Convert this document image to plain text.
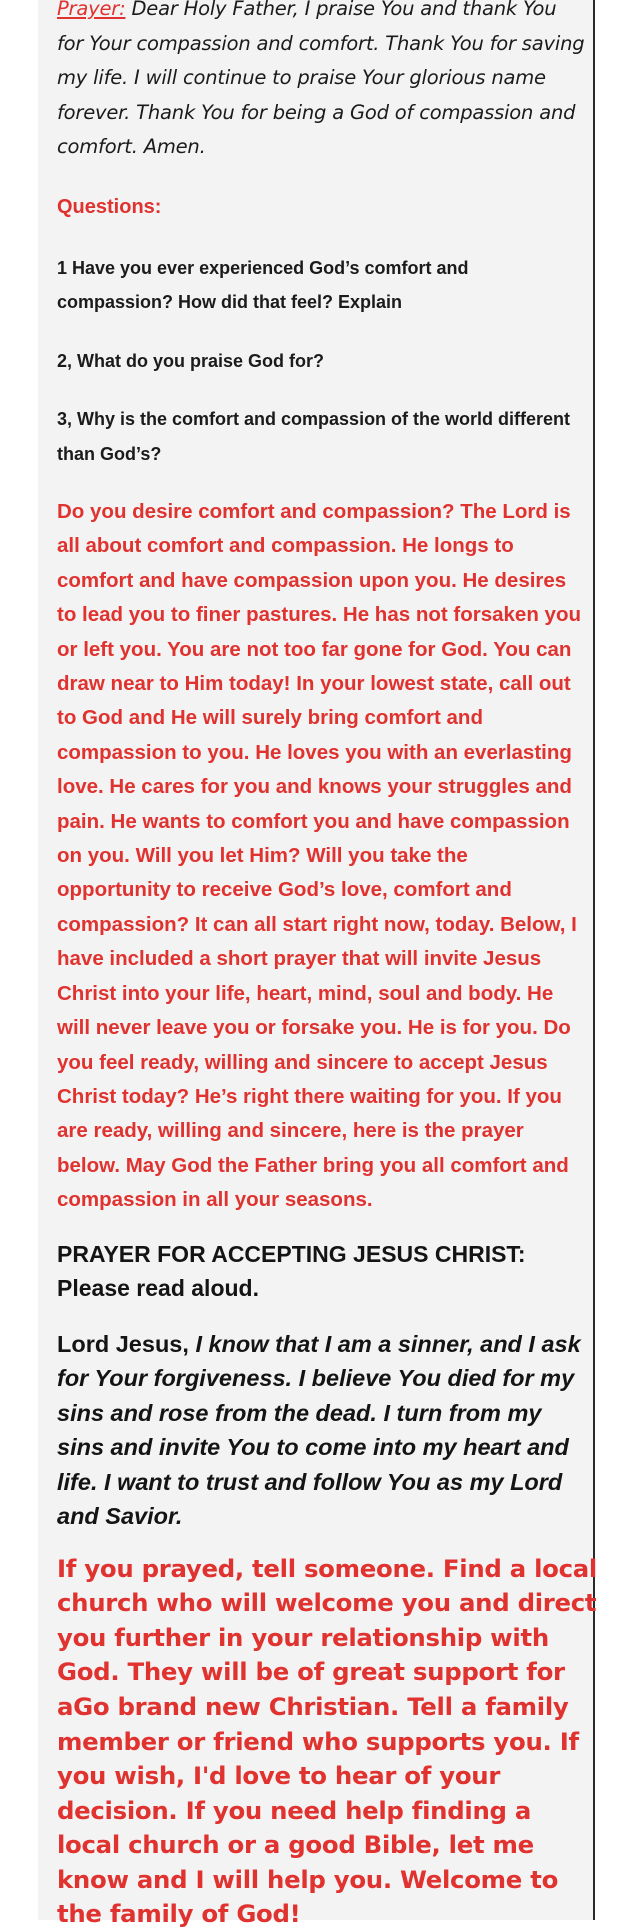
Prayer: Dear Holy Father, I praise You and thank You for Your compassion and comfort. Thank You for saving my life. I will continue to praise Your glorious name forever. Thank You for being a God of compassion and comfort. Amen.
Questions:
1 Have you ever experienced God’s comfort and compassion? How did that feel? Explain
2, What do you praise God for?
3, Why is the comfort and compassion of the world different than God’s?
Do you desire comfort and compassion? The Lord is all about comfort and compassion. He longs to comfort and have compassion upon you. He desires to lead you to finer pastures. He has not forsaken you or left you. You are not too far gone for God. You can draw near to Him today! In your lowest state, call out to God and He will surely bring comfort and compassion to you. He loves you with an everlasting love. He cares for you and knows your struggles and pain. He wants to comfort you and have compassion on you. Will you let Him? Will you take the opportunity to receive God’s love, comfort and compassion? It can all start right now, today. Below, I have included a short prayer that will invite Jesus Christ into your life, heart, mind, soul and body. He will never leave you or forsake you. He is for you. Do you feel ready, willing and sincere to accept Jesus Christ today? He’s right there waiting for you. If you are ready, willing and sincere, here is the prayer below. May God the Father bring you all comfort and compassion in all your seasons.
PRAYER FOR ACCEPTING JESUS CHRIST: Please read aloud.
Lord Jesus, I know that I am a sinner, and I ask for Your forgiveness. I believe You died for my sins and rose from the dead. I turn from my sins and invite You to come into my heart and life. I want to trust and follow You as my Lord and Savior.
If you prayed, tell someone. Find a local church who will welcome you and direct you further in your relationship with God. They will be of great support for aGo brand new Christian. Tell a family member or friend who supports you. If you wish, I'd love to hear of your decision. If you need help finding a local church or a good Bible, let me know and I will help you. Welcome to the family of God!
